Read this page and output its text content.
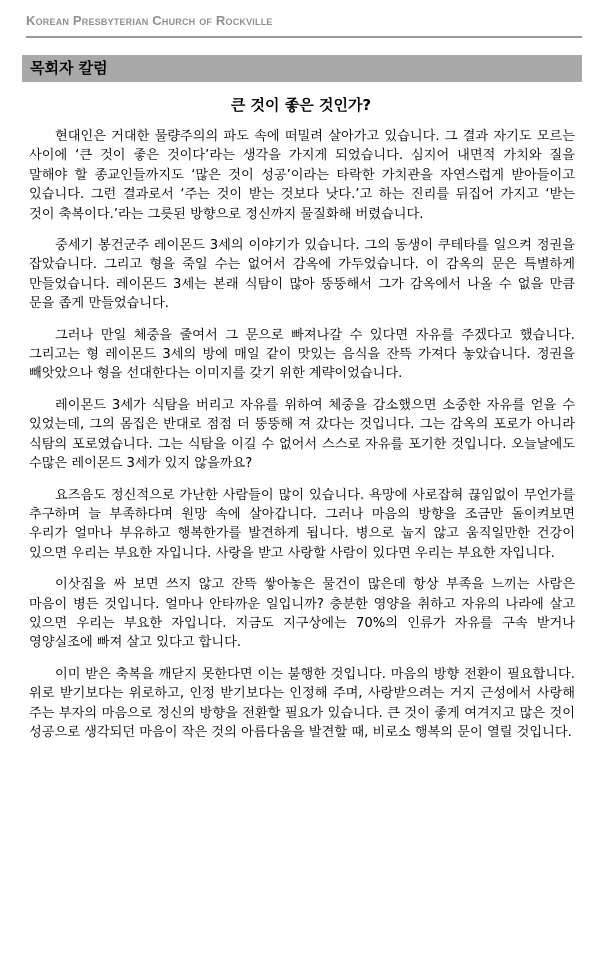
Korean Presbyterian Church of Rockville
목회자 칼럼
큰 것이 좋은 것인가?

현대인은 거대한 물량주의의 파도 속에 떠밀려 살아가고 있습니다. 그 결과 자기도 모르는 사이에 ‘큰 것이 좋은 것이다’라는 생각을 가지게 되었습니다. 심지어 내면적 가치와 질을 말해야 할 종교인들까지도 ‘많은 것이 성공’이라는 타락한 가치관을 자연스럽게 받아들이고 있습니다. 그런 결과로서 ‘주는 것이 받는 것보다 낫다.’고 하는 진리를 뒤집어 가지고 ‘받는 것이 축복이다.’라는 그릇된 방향으로 정신까지 물질화해 버렸습니다.

중세기 봉건군주 레이몬드 3세의 이야기가 있습니다. 그의 동생이 쿠테타를 일으켜 정권을 잡았습니다. 그리고 형을 죽일 수는 없어서 감옥에 가두었습니다. 이 감옥의 문은 특별하게 만들었습니다. 레이몬드 3세는 본래 식탐이 많아 뚱뚱해서 그가 감옥에서 나올 수 없을 만큼 문을 좁게 만들었습니다.

그러나 만일 체중을 줄여서 그 문으로 빠져나갈 수 있다면 자유를 주겠다고 했습니다. 그리고는 형 레이몬드 3세의 방에 매일 같이 맛있는 음식을 잔뜩 가져다 놓았습니다. 정권을 빼앗았으나 형을 선대한다는 이미지를 갖기 위한 계략이었습니다.

레이몬드 3세가 식탐을 버리고 자유를 위하여 체중을 감소했으면 소중한 자유를 얻을 수 있었는데, 그의 몸집은 반대로 점점 더 뚱뚱해 져 갔다는 것입니다. 그는 감옥의 포로가 아니라 식탐의 포로였습니다. 그는 식탐을 이길 수 없어서 스스로 자유를 포기한 것입니다. 오늘날에도 수많은 레이몬드 3세가 있지 않을까요?

요즈음도 정신적으로 가난한 사람들이 많이 있습니다. 욕망에 사로잡혀 끊임없이 무언가를 추구하며 늘 부족하다며 원망 속에 살아갑니다. 그러나 마음의 방향을 조금만 돌이켜보면 우리가 얼마나 부유하고 행복한가를 발견하게 됩니다. 병으로 눕지 않고 움직일만한 건강이 있으면 우리는 부요한 자입니다. 사랑을 받고 사랑할 사람이 있다면 우리는 부요한 자입니다.

이삿짐을 싸 보면 쓰지 않고 잔뜩 쌓아놓은 물건이 많은데 항상 부족을 느끼는 사람은 마음이 병든 것입니다. 얼마나 안타까운 일입니까? 충분한 영양을 취하고 자유의 나라에 살고 있으면 우리는 부요한 자입니다. 지금도 지구상에는 70%의 인류가 자유를 구속 받거나 영양실조에 빠져 살고 있다고 합니다.

이미 받은 축복을 깨닫지 못한다면 이는 불행한 것입니다. 마음의 방향 전환이 필요합니다. 위로 받기보다는 위로하고, 인정 받기보다는 인정해 주며, 사랑받으려는 거지 근성에서 사랑해 주는 부자의 마음으로 정신의 방향을 전환할 필요가 있습니다. 큰 것이 좋게 여겨지고 많은 것이 성공으로 생각되던 마음이 작은 것의 아름다움을 발견할 때, 비로소 행복의 문이 열릴 것입니다.
